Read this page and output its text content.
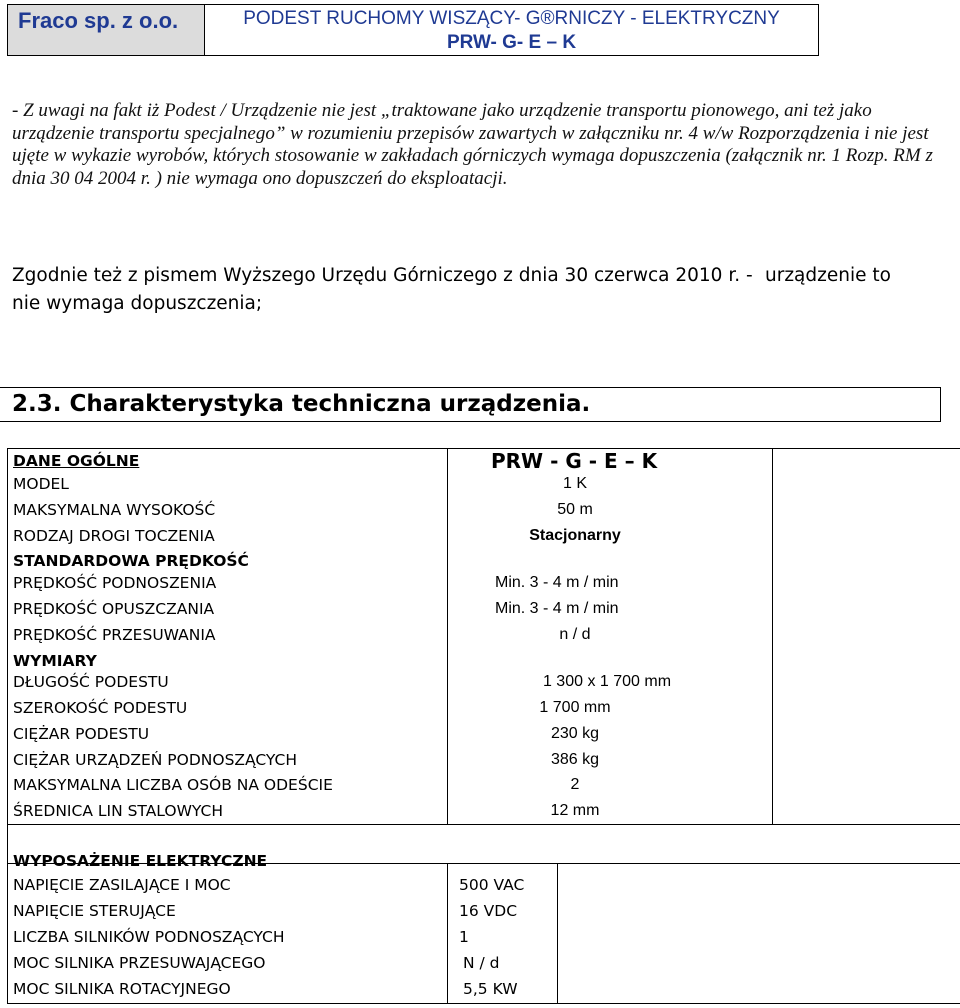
Fraco sp. z o.o.	PODEST RUCHOMY WISZĄCY- G®RNICZY - ELEKTRYCZNY
PRW- G- E – K

- Z uwagi na fakt iż Podest / Urządzenie nie jest „traktowane jako urządzenie transportu pionowego, ani też jako urządzenie transportu specjalnego” w rozumieniu przepisów zawartych w załączniku nr. 4 w/w Rozporządzenia i nie jest ujęte w wykazie wyrobów, których stosowanie w zakładach górniczych wymaga dopuszczenia (załącznik nr. 1 Rozp. RM z dnia 30 04 2004 r. ) nie wymaga ono dopuszczeń do eksploatacji.

Zgodnie też z pismem Wyższego Urzędu Górniczego z dnia 30 czerwca 2010 r. - urządzenie to
nie wymaga dopuszczenia;
2.3. Charakterystyka techniczna urządzenia.
DANE OGÓLNE	PRW - G - E – K
MODEL	1 K
MAKSYMALNA WYSOKOŚĆ	50 m
RODZAJ DROGI TOCZENIA	Stacjonarny
STANDARDOWA PRĘDKOŚĆ
PRĘDKOŚĆ PODNOSZENIA	Min. 3 - 4 m / min
PRĘDKOŚĆ OPUSZCZANIA	Min. 3 - 4 m / min
PRĘDKOŚĆ PRZESUWANIA	n / d
WYMIARY
DŁUGOŚĆ PODESTU	1 300 x 1 700 mm
SZEROKOŚĆ PODESTU	1 700 mm
CIĘŻAR PODESTU	230 kg
CIĘŻAR URZĄDZEŃ PODNOSZĄCYCH	386 kg
MAKSYMALNA LICZBA OSÓB NA ODEŚCIE	2
ŚREDNICA LIN STALOWYCH	12 mm
WYPOSAŻENIE ELEKTRYCZNE
NAPIĘCIE ZASILAJĄCE I MOC	500 VAC
NAPIĘCIE STERUJĄCE	16 VDC
LICZBA SILNIKÓW PODNOSZĄCYCH	1
MOC SILNIKA PRZESUWAJĄCEGO	N / d
MOC SILNIKA ROTACYJNEGO	5,5 KW
